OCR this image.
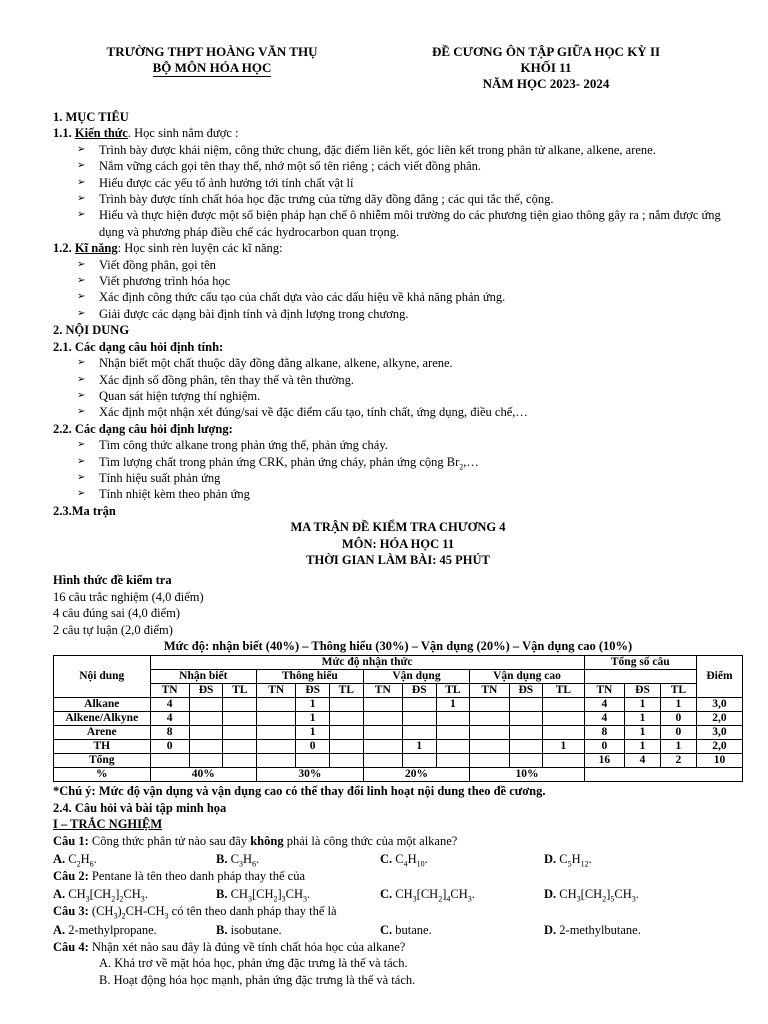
TRƯỜNG THPT HOÀNG VĂN THỤ
BỘ MÔN HÓA HỌC
ĐỀ CƯƠNG ÔN TẬP GIỮA HỌC KỲ II
KHỐI 11
NĂM HỌC 2023- 2024
1. MỤC TIÊU
1.1. Kiến thức. Học sinh nắm được :
➢ Trình bày được khái niệm, công thức chung, đặc điểm liên kết, góc liên kết trong phân tử alkane, alkene, arene.
➢ Nắm vững cách gọi tên thay thế, nhớ một số tên riêng ; cách viết đồng phân.
➢ Hiểu được các yếu tố ảnh hưởng tới tính chất vật lí
➢ Trình bày được tính chất hóa học đặc trưng của từng dãy đồng đẳng ; các qui tắc thế, cộng.
➢ Hiểu và thực hiện được một số biện pháp hạn chế ô nhiễm môi trường do các phương tiện giao thông gây ra ; nắm được ứng dụng và phương pháp điều chế các hydrocarbon quan trọng.
1.2. Kĩ năng: Học sinh rèn luyện các kĩ năng:
➢ Viết đồng phân, gọi tên
➢ Viết phương trình hóa học
➢ Xác định công thức cấu tạo của chất dựa vào các dấu hiệu về khả năng phản ứng.
➢ Giải được các dạng bài định tính và định lượng trong chương.
2. NỘI DUNG
2.1. Các dạng câu hỏi định tính:
➢ Nhận biết một chất thuộc dãy đồng đẳng alkane, alkene, alkyne, arene.
➢ Xác định số đồng phân, tên thay thế và tên thường.
➢ Quan sát hiện tượng thí nghiệm.
➢ Xác định một nhận xét đúng/sai về đặc điểm cấu tạo, tính chất, ứng dụng, điều chế,…
2.2. Các dạng câu hỏi định lượng:
➢ Tìm công thức alkane trong phản ứng thế, phản ứng cháy.
➢ Tìm lượng chất trong phản ứng CRK, phản ứng cháy, phản ứng cộng $Br_2,\dots$
➢ Tính hiệu suất phản ứng
➢ Tính nhiệt kèm theo phản ứng
2.3.Ma trận
MA TRẬN ĐỀ KIỂM TRA CHƯƠNG 4
MÔN: HÓA HỌC 11
THỜI GIAN LÀM BÀI: 45 PHÚT
Hình thức đề kiểm tra
16 câu trắc nghiệm (4,0 điểm)
4 câu đúng sai (4,0 điểm)
2 câu tự luận (2,0 điểm)
Mức độ: nhận biết (40%) – Thông hiểu (30%) – Vận dụng (20%) – Vận dụng cao (10%)
Nội dung	Mức độ nhận thức												Tổng số câu			Điểm
	Nhận biết			Thông hiểu			Vận dụng			Vận dụng cao						
	TN	ĐS	TL	TN	ĐS	TL	TN	ĐS	TL	TN	ĐS	TL	TN	ĐS	TL	
Alkane	4				1				1				4	1	1	3,0
Alkene/Alkyne	4				1								4	1	0	2,0
Arene	8				1								8	1	0	3,0
TH	0				0			1				1	0	1	1	2,0
Tổng													16	4	2	10
%	40%			30%			20%			10%						
*Chú ý: Mức độ vận dụng và vận dụng cao có thể thay đổi linh hoạt nội dung theo đề cương.
2.4. Câu hỏi và bài tập minh họa
I – TRẮC NGHIỆM
Câu 1: Công thức phân tử nào sau đây không phải là công thức của một alkane?
A. $C_2H_6$.	B. $C_3H_6$.	C. $C_4H_{10}$.	D. $C_5H_{12}$.
Câu 2: Pentane là tên theo danh pháp thay thế của
A. $CH_3[CH_2]_2CH_3$.	B. $CH_3[CH_2]_3CH_3$.	C. $CH_3[CH_2]_4CH_3$.	D. $CH_3[CH_2]_5CH_3$.
Câu 3: $(CH_3)_2CH-CH_3$ có tên theo danh pháp thay thế là
A. 2-methylpropane.	B. isobutane.	C. butane.	D. 2-methylbutane.
Câu 4: Nhận xét nào sau đây là đúng về tính chất hóa học của alkane?
A. Khá trơ về mặt hóa học, phản ứng đặc trưng là thế và tách.
B. Hoạt động hóa học mạnh, phản ứng đặc trưng là thế và tách.
